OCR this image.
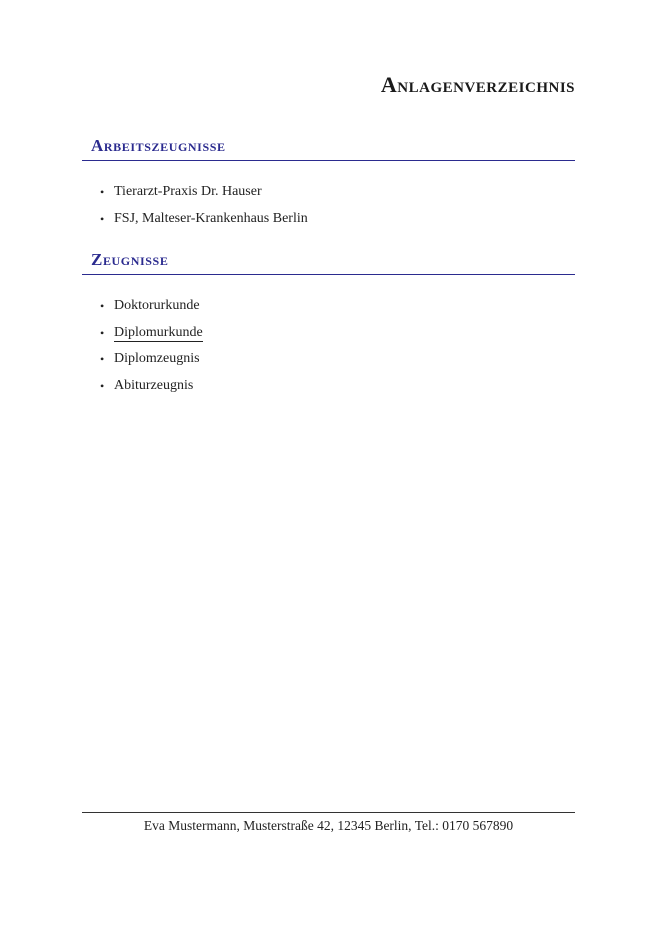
Anlagenverzeichnis
Arbeitszeugnisse
• Tierarzt-Praxis Dr. Hauser
• FSJ, Malteser-Krankenhaus Berlin
Zeugnisse
• Doktorurkunde
• Diplomurkunde
• Diplomzeugnis
• Abiturzeugnis
Eva Mustermann, Musterstraße 42, 12345 Berlin, Tel.: 0170 567890
